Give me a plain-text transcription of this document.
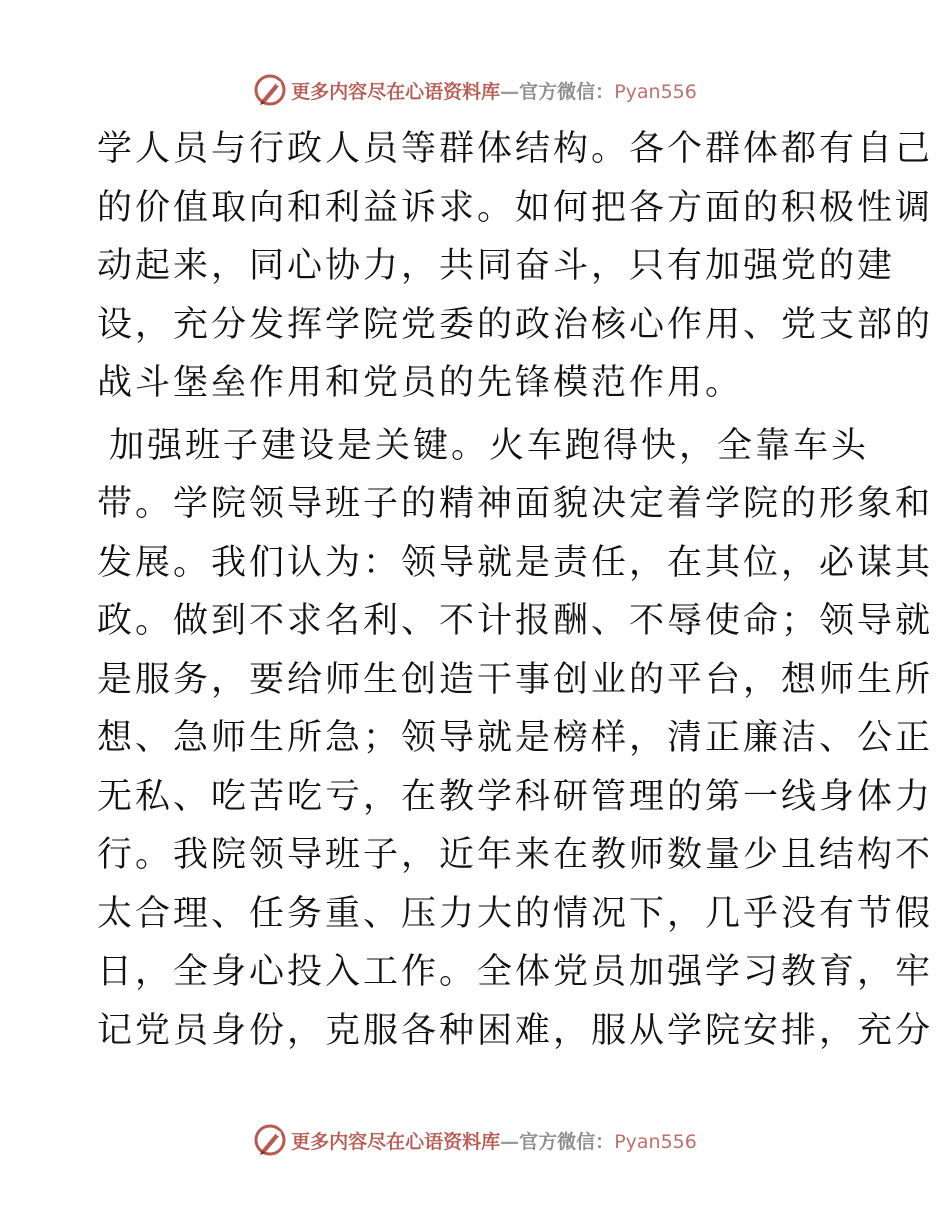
更多内容尽在心语资料库—官方微信：Pyan556

学人员与行政人员等群体结构。各个群体都有自己
的价值取向和利益诉求。如何把各方面的积极性调
动起来，同心协力，共同奋斗，只有加强党的建
设，充分发挥学院党委的政治核心作用、党支部的
战斗堡垒作用和党员的先锋模范作用。

加强班子建设是关键。火车跑得快，全靠车头
带。学院领导班子的精神面貌决定着学院的形象和
发展。我们认为：领导就是责任，在其位，必谋其
政。做到不求名利、不计报酬、不辱使命；领导就
是服务，要给师生创造干事创业的平台，想师生所
想、急师生所急；领导就是榜样，清正廉洁、公正
无私、吃苦吃亏，在教学科研管理的第一线身体力
行。我院领导班子，近年来在教师数量少且结构不
太合理、任务重、压力大的情况下，几乎没有节假
日，全身心投入工作。全体党员加强学习教育，牢
记党员身份，克服各种困难，服从学院安排，充分

更多内容尽在心语资料库—官方微信：Pyan556
